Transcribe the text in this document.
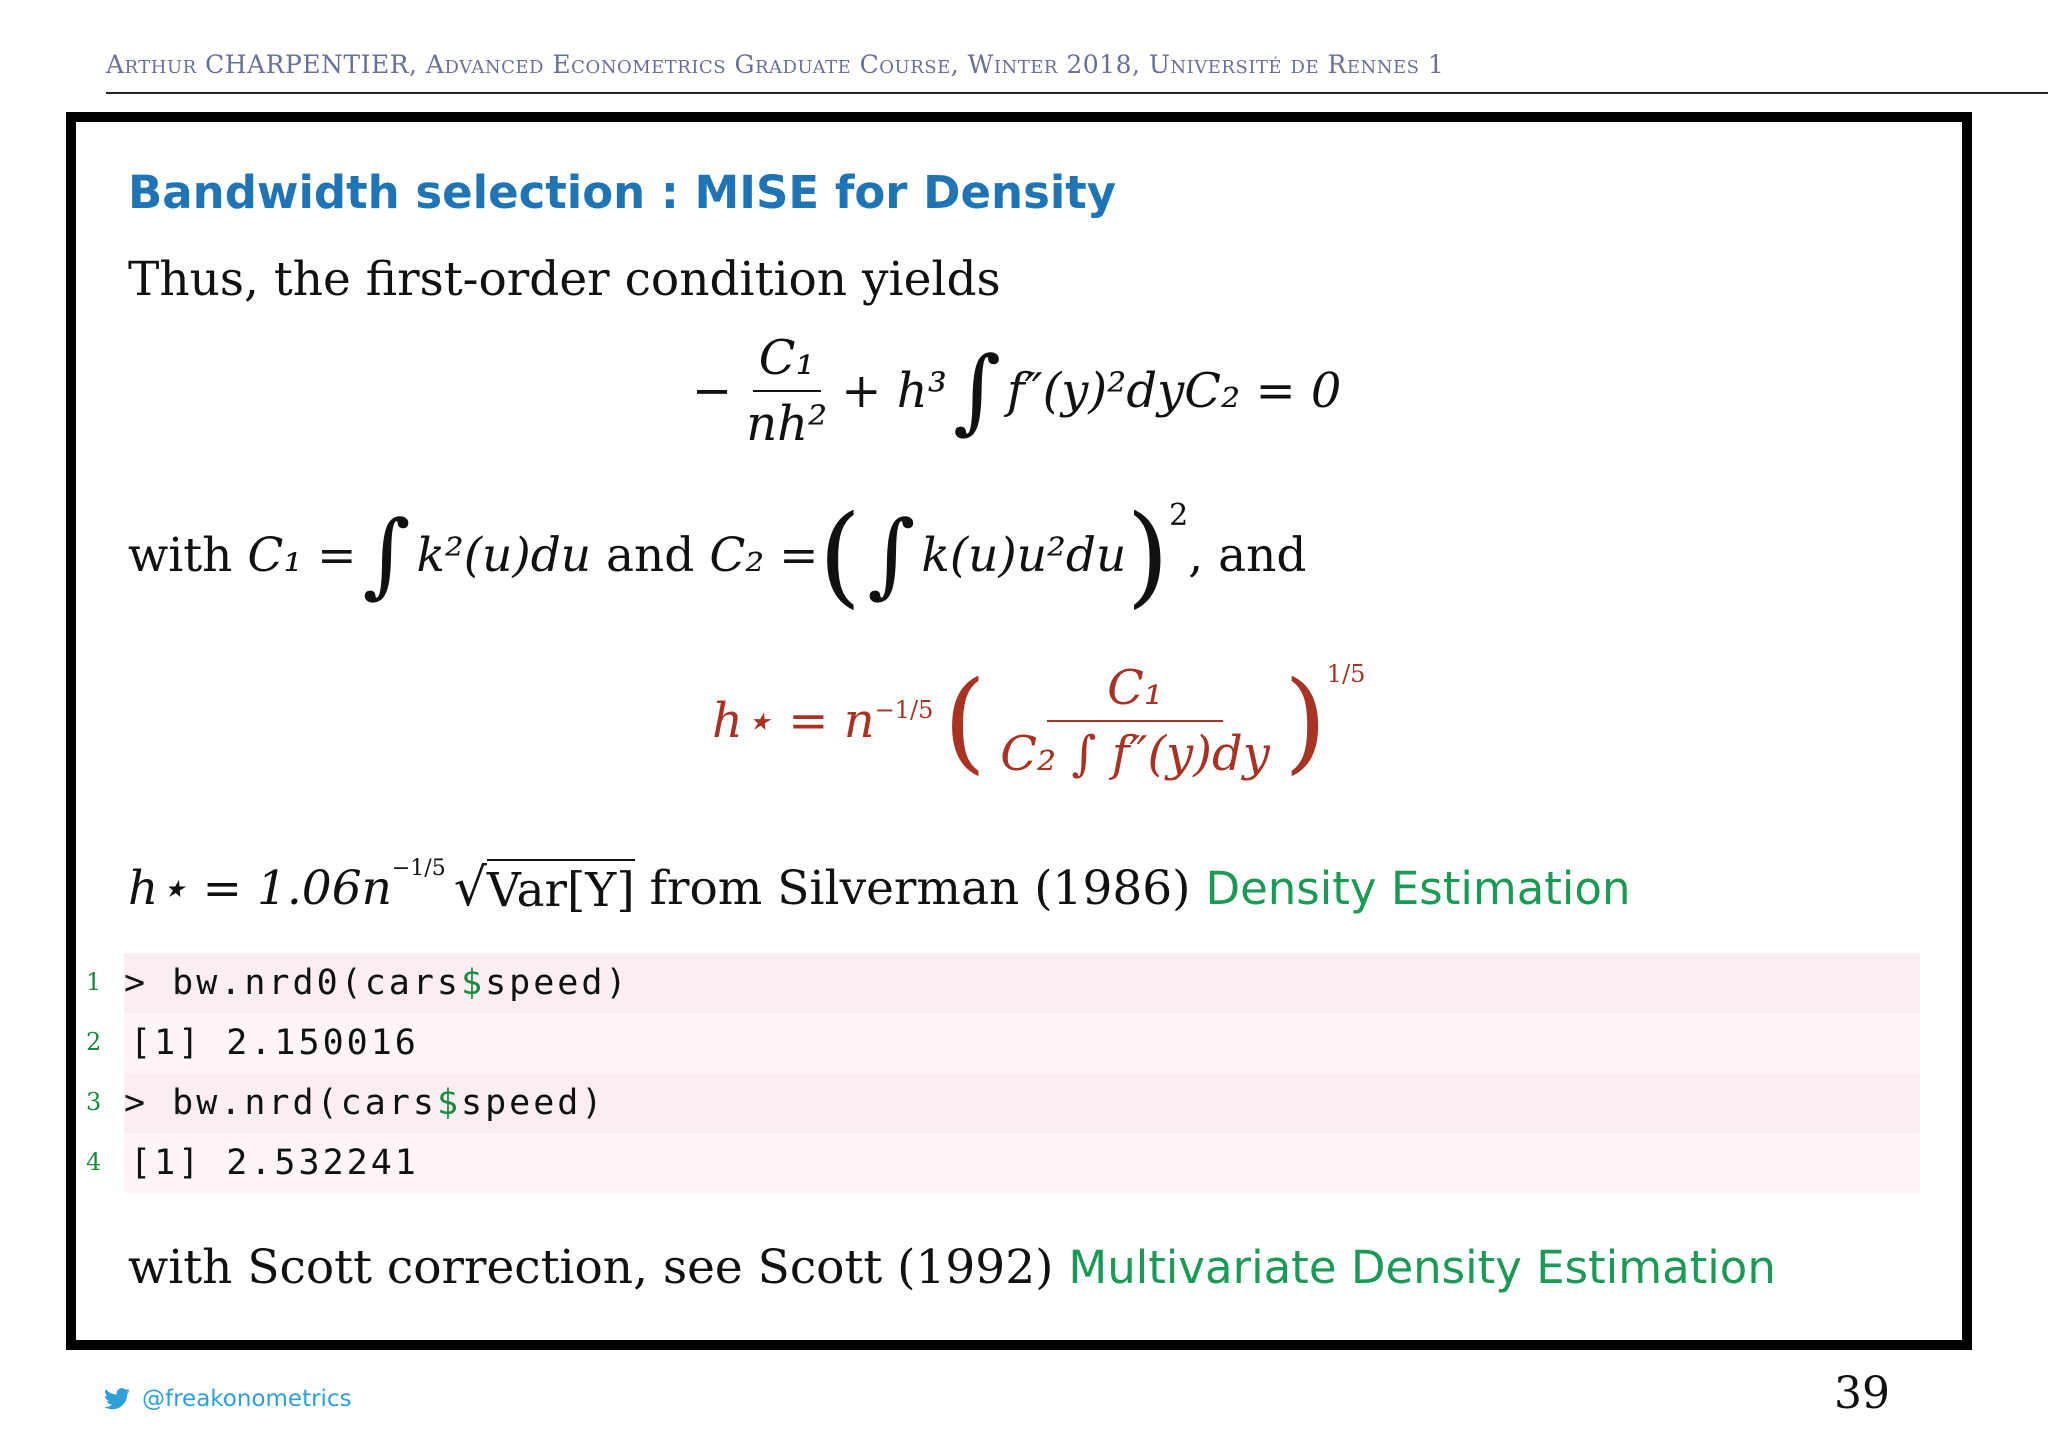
Arthur CHARPENTIER, Advanced Econometrics Graduate Course, Winter 2018, Université de Rennes 1
Bandwidth selection : MISE for Density
Thus, the first-order condition yields
− $\frac{\text{C₁}}{\text{nh²}} + h^3$ ∫ f″(y)²dyC₂ = 0
with
C₁ = ∫ k²(u)du
and
C₂ = ( ∫ k(u)u²du ) 2
, and
h⋆ = n −1/5 ( $\frac{\text{C₁}}{\text{C₂ ∫ f″(y)dy}}$ ) 1/5
h⋆ = 1.06n −1/5 √ Var[Y]
from Silverman (1986)
Density Estimation
> bw.nrd0(cars $ speed)
[1] 2.150016
> bw.nrd(cars $ speed)
[1] 2.532241
1
2
3
4
with Scott correction, see Scott (1992) Multivariate Density Estimation
@freakonometrics	39
